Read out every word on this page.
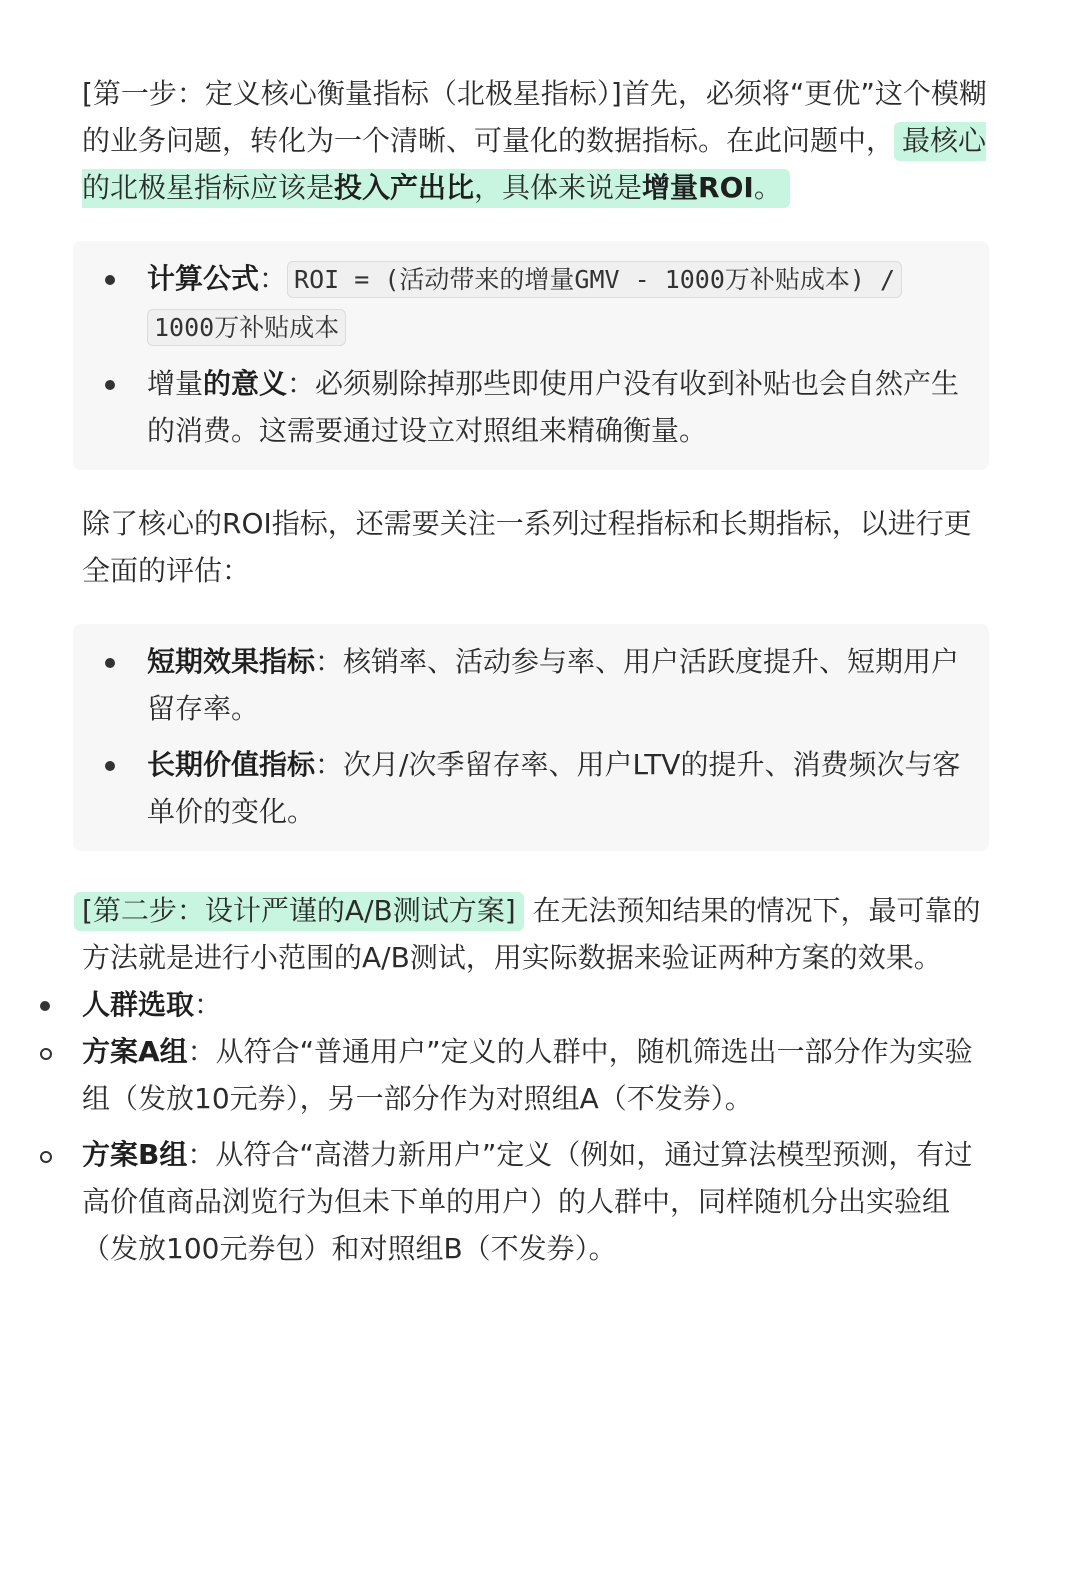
[第一步：定义核心衡量指标（北极星指标）]首先，必须将“更优”这个模糊的业务问题，转化为一个清晰、可量化的数据指标。在此问题中， 最核心的北极星指标应该是投入产出比，具体来说是增量ROI。

计算公式： ROI = (活动带来的增量GMV - 1000万补贴成本) / 1000万补贴成本
增量的意义：必须剔除掉那些即使用户没有收到补贴也会自然产生的消费。这需要通过设立对照组来精确衡量。

除了核心的ROI指标，还需要关注一系列过程指标和长期指标，以进行更全面的评估：

短期效果指标：核销率、活动参与率、用户活跃度提升、短期用户留存率。
长期价值指标：次月/次季留存率、用户LTV的提升、消费频次与客单价的变化。

[第二步：设计严谨的A/B测试方案] 在无法预知结果的情况下，最可靠的方法就是进行小范围的A/B测试，用实际数据来验证两种方案的效果。

人群选取：
方案A组：从符合“普通用户”定义的人群中，随机筛选出一部分作为实验组（发放10元券），另一部分作为对照组A（不发券）。
方案B组：从符合“高潜力新用户”定义（例如，通过算法模型预测，有过高价值商品浏览行为但未下单的用户）的人群中，同样随机分出实验组（发放100元券包）和对照组B（不发券）。
